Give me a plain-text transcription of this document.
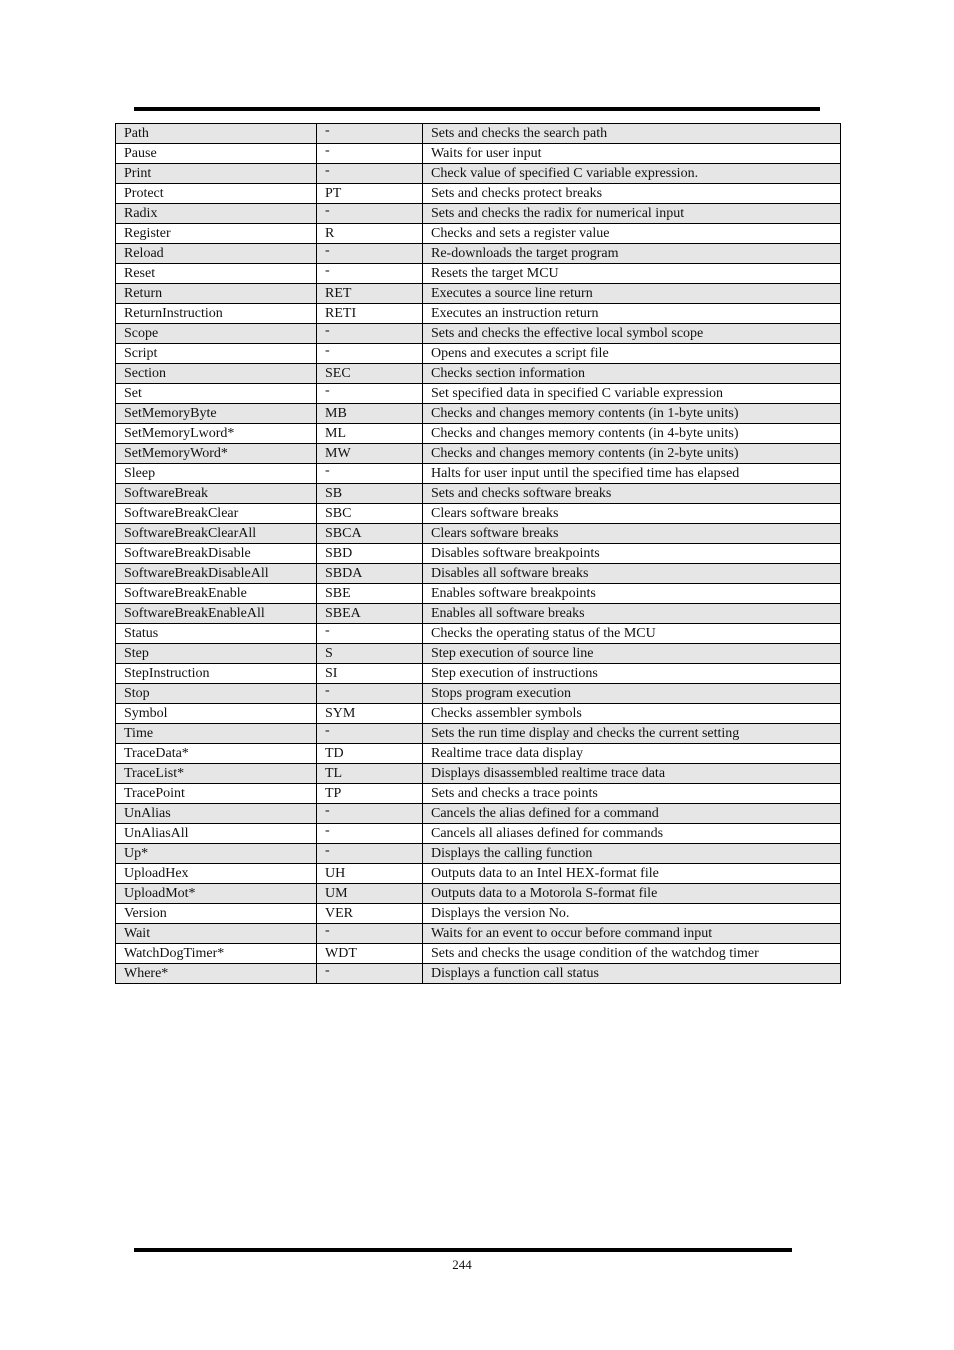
Path	-	Sets and checks the search path
Pause	-	Waits for user input
Print	-	Check value of specified C variable expression.
Protect	PT	Sets and checks protect breaks
Radix	-	Sets and checks the radix for numerical input
Register	R	Checks and sets a register value
Reload	-	Re-downloads the target program
Reset	-	Resets the target MCU
Return	RET	Executes a source line return
ReturnInstruction	RETI	Executes an instruction return
Scope	-	Sets and checks the effective local symbol scope
Script	-	Opens and executes a script file
Section	SEC	Checks section information
Set	-	Set specified data in specified C variable expression
SetMemoryByte	MB	Checks and changes memory contents (in 1-byte units)
SetMemoryLword*	ML	Checks and changes memory contents (in 4-byte units)
SetMemoryWord*	MW	Checks and changes memory contents (in 2-byte units)
Sleep	-	Halts for user input until the specified time has elapsed
SoftwareBreak	SB	Sets and checks software breaks
SoftwareBreakClear	SBC	Clears software breaks
SoftwareBreakClearAll	SBCA	Clears software breaks
SoftwareBreakDisable	SBD	Disables software breakpoints
SoftwareBreakDisableAll	SBDA	Disables all software breaks
SoftwareBreakEnable	SBE	Enables software breakpoints
SoftwareBreakEnableAll	SBEA	Enables all software breaks
Status	-	Checks the operating status of the MCU
Step	S	Step execution of source line
StepInstruction	SI	Step execution of instructions
Stop	-	Stops program execution
Symbol	SYM	Checks assembler symbols
Time	-	Sets the run time display and checks the current setting
TraceData*	TD	Realtime trace data display
TraceList*	TL	Displays disassembled realtime trace data
TracePoint	TP	Sets and checks a trace points
UnAlias	-	Cancels the alias defined for a command
UnAliasAll	-	Cancels all aliases defined for commands
Up*	-	Displays the calling function
UploadHex	UH	Outputs data to an Intel HEX-format file
UploadMot*	UM	Outputs data to a Motorola S-format file
Version	VER	Displays the version No.
Wait	-	Waits for an event to occur before command input
WatchDogTimer*	WDT	Sets and checks the usage condition of the watchdog timer
Where*	-	Displays a function call status
244
